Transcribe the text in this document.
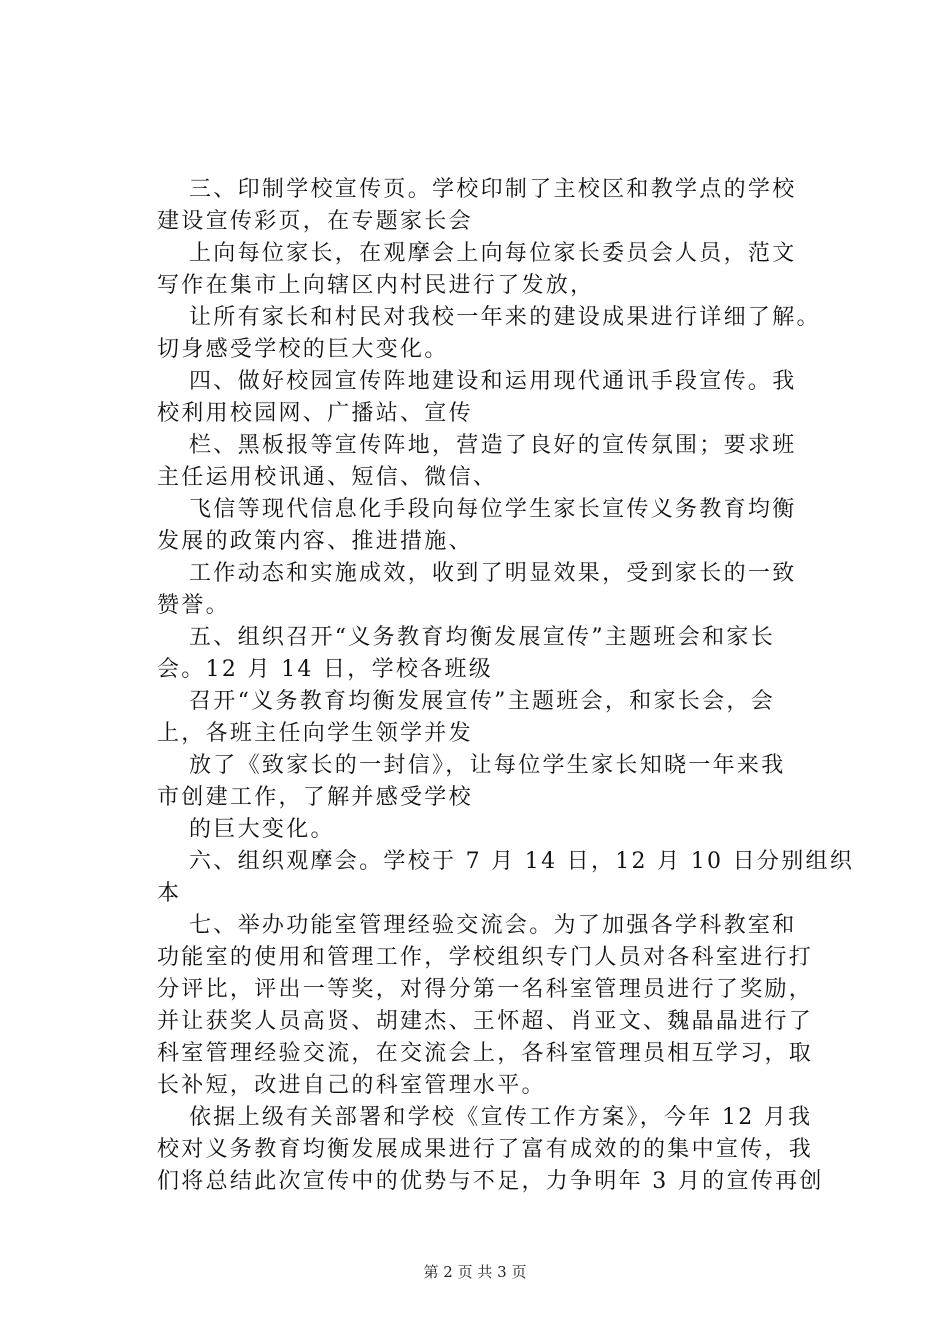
三、印制学校宣传页。学校印制了主校区和教学点的学校
建设宣传彩页，在专题家长会
上向每位家长，在观摩会上向每位家长委员会人员，范文
写作在集市上向辖区内村民进行了发放，
让所有家长和村民对我校一年来的建设成果进行详细了解。
切身感受学校的巨大变化。
四、做好校园宣传阵地建设和运用现代通讯手段宣传。我
校利用校园网、广播站、宣传
栏、黑板报等宣传阵地，营造了良好的宣传氛围；要求班
主任运用校讯通、短信、微信、
飞信等现代信息化手段向每位学生家长宣传义务教育均衡
发展的政策内容、推进措施、
工作动态和实施成效，收到了明显效果，受到家长的一致
赞誉。
五、组织召开“义务教育均衡发展宣传”主题班会和家长
会。12 月 14 日，学校各班级
召开“义务教育均衡发展宣传”主题班会，和家长会，会
上，各班主任向学生领学并发
放了《致家长的一封信》，让每位学生家长知晓一年来我
市创建工作，了解并感受学校
的巨大变化。
六、组织观摩会。学校于 7 月 14 日，12 月 10 日分别组织
本
七、举办功能室管理经验交流会。为了加强各学科教室和
功能室的使用和管理工作，学校组织专门人员对各科室进行打
分评比，评出一等奖，对得分第一名科室管理员进行了奖励，
并让获奖人员高贤、胡建杰、王怀超、肖亚文、魏晶晶进行了
科室管理经验交流，在交流会上，各科室管理员相互学习，取
长补短，改进自己的科室管理水平。
依据上级有关部署和学校《宣传工作方案》，今年 12 月我
校对义务教育均衡发展成果进行了富有成效的的集中宣传，我
们将总结此次宣传中的优势与不足，力争明年 3 月的宣传再创
第 2 页 共 3 页
